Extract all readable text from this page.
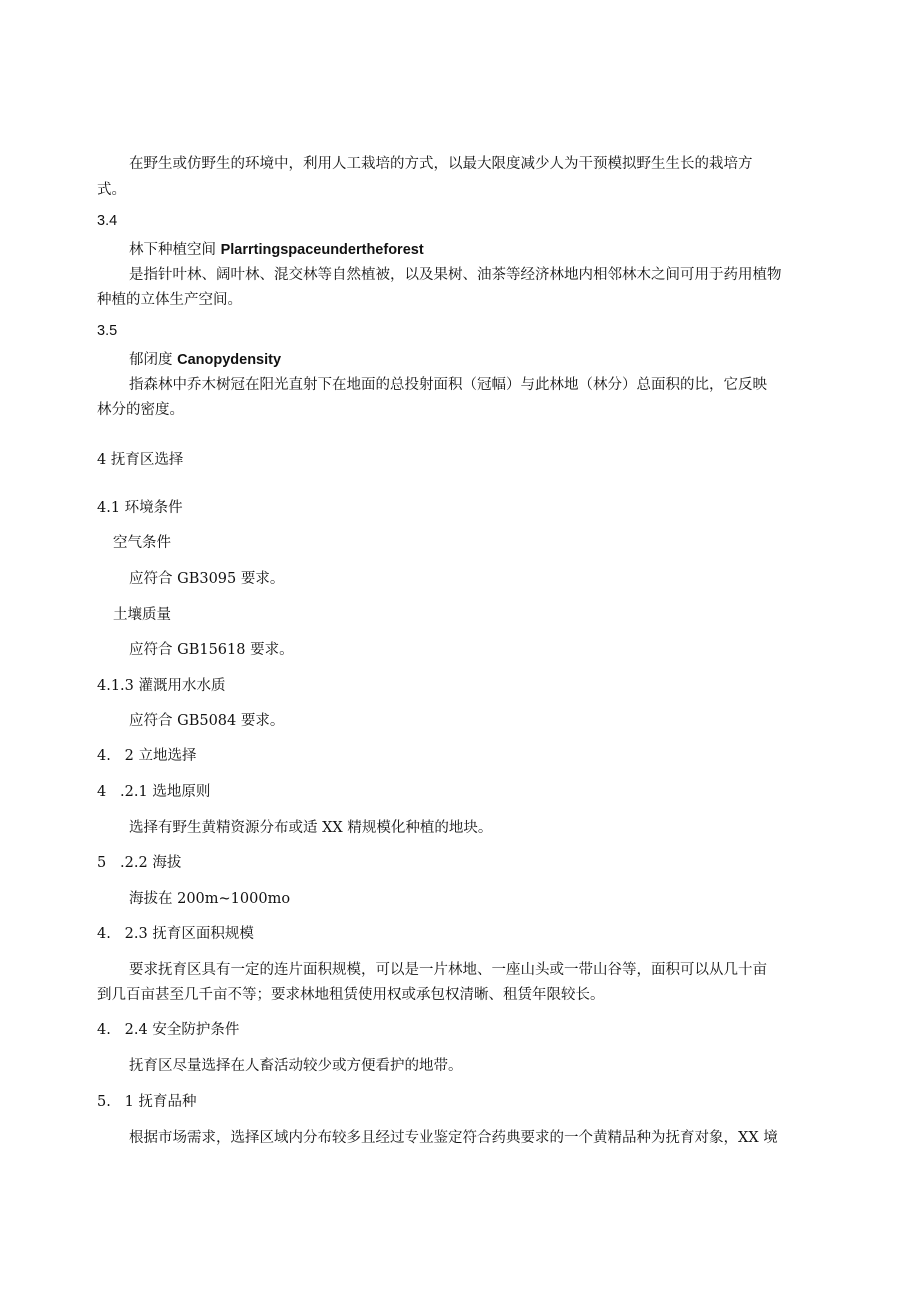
在野生或仿野生的环境中，利用人工栽培的方式，以最大限度减少人为干预模拟野生生长的栽培方
式。
3.4
林下种植空间 Plarrtingspaceundertheforest
是指针叶林、阔叶林、混交林等自然植被，以及果树、油茶等经济林地内相邻林木之间可用于药用植物
种植的立体生产空间。
3.5
郁闭度 Canopydensity
指森林中乔木树冠在阳光直射下在地面的总投射面积（冠幅）与此林地（林分）总面积的比，它反映
林分的密度。
4 抚育区选择
4.1 环境条件
空气条件
应符合 GB3095 要求。
土壤质量
应符合 GB15618 要求。
4.1.3 灌溉用水水质
应符合 GB5084 要求。
4.   2 立地选择
4   .2.1 选地原则
选择有野生黄精资源分布或适 XX 精规模化种植的地块。
5   .2.2 海拔
海拔在 200m~1000mo
4.   2.3 抚育区面积规模
要求抚育区具有一定的连片面积规模，可以是一片林地、一座山头或一带山谷等，面积可以从几十亩
到几百亩甚至几千亩不等；要求林地租赁使用权或承包权清晰、租赁年限较长。
4.   2.4 安全防护条件
抚育区尽量选择在人畜活动较少或方便看护的地带。
5.   1 抚育品种
根据市场需求，选择区域内分布较多且经过专业鉴定符合药典要求的一个黄精品种为抚育对象，XX 境
